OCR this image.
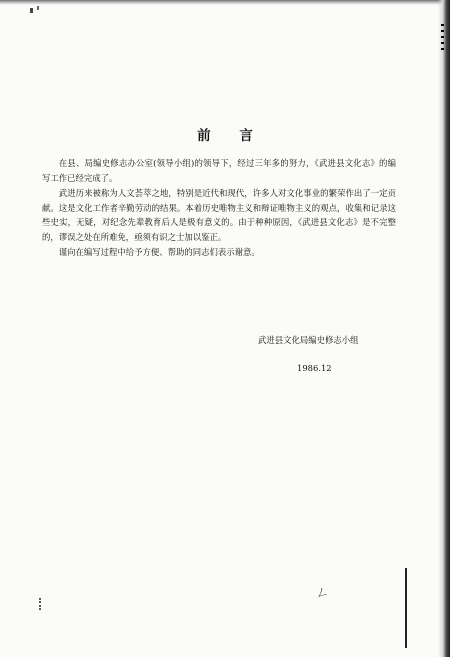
前 言

在县、局编史修志办公室(领导小组)的领导下，经过三年多的努力，《武进县文化志》的编写工作已经完成了。

武进历来被称为人文荟萃之地，特别是近代和现代，许多人对文化事业的繁荣作出了一定贡献。这是文化工作者辛勤劳动的结果。本着历史唯物主义和辩证唯物主义的观点，收集和记录这些史实，无疑，对纪念先辈教育后人是极有意义的。由于种种原因，《武进县文化志》是不完整的，谬误之处在所难免，亟须有识之士加以鉴正。

谨向在编写过程中给予方便、帮助的同志们表示谢意。

武进县文化局编史修志小组
1986.12
ㄥ
